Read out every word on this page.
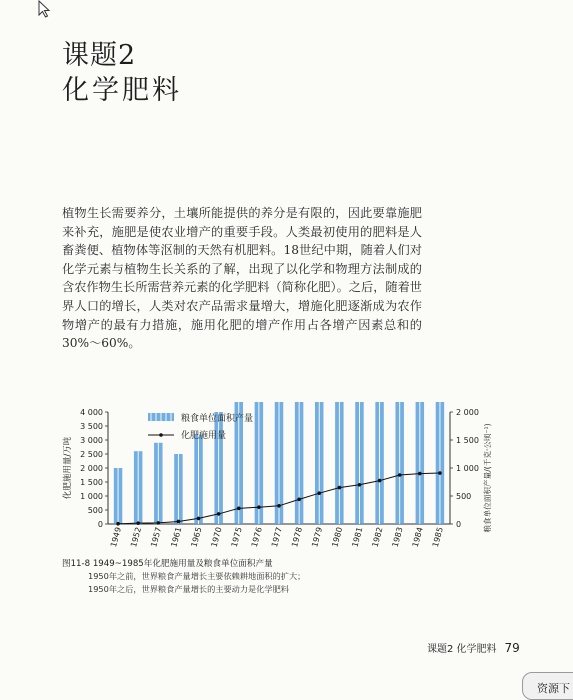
课题2
化学肥料

植物生长需要养分，土壤所能提供的养分是有限的，因此要靠施肥来补充，施肥是使农业增产的重要手段。人类最初使用的肥料是人畜粪便、植物体等沤制的天然有机肥料。18世纪中期，随着人们对化学元素与植物生长关系的了解，出现了以化学和物理方法制成的含农作物生长所需营养元素的化学肥料（简称化肥）。之后，随着世界人口的增长，人类对农产品需求量增大，增施化肥逐渐成为农作物增产的最有力措施，施用化肥的增产作用占各增产因素总和的30%～60%。

0
500
1 000
1 500
2 000
2 500
3 000
3 500
4 000
0
500
1 000
1 500
2 000
化肥施用量/万吨	粮食单位面积产量/(千克·公顷⁻¹)
1949 1952 1957 1961 1965 1970 1975 1976 1977 1978 1979 1980 1981 1982 1983 1984 1985
粮食单位面积产量
化肥施用量
图11-8 1949~1985年化肥施用量及粮食单位面积产量
1950年之前，世界粮食产量增长主要依赖耕地面积的扩大；
1950年之后，世界粮食产量增长的主要动力是化学肥料
课题2 化学肥料 79
资源下
